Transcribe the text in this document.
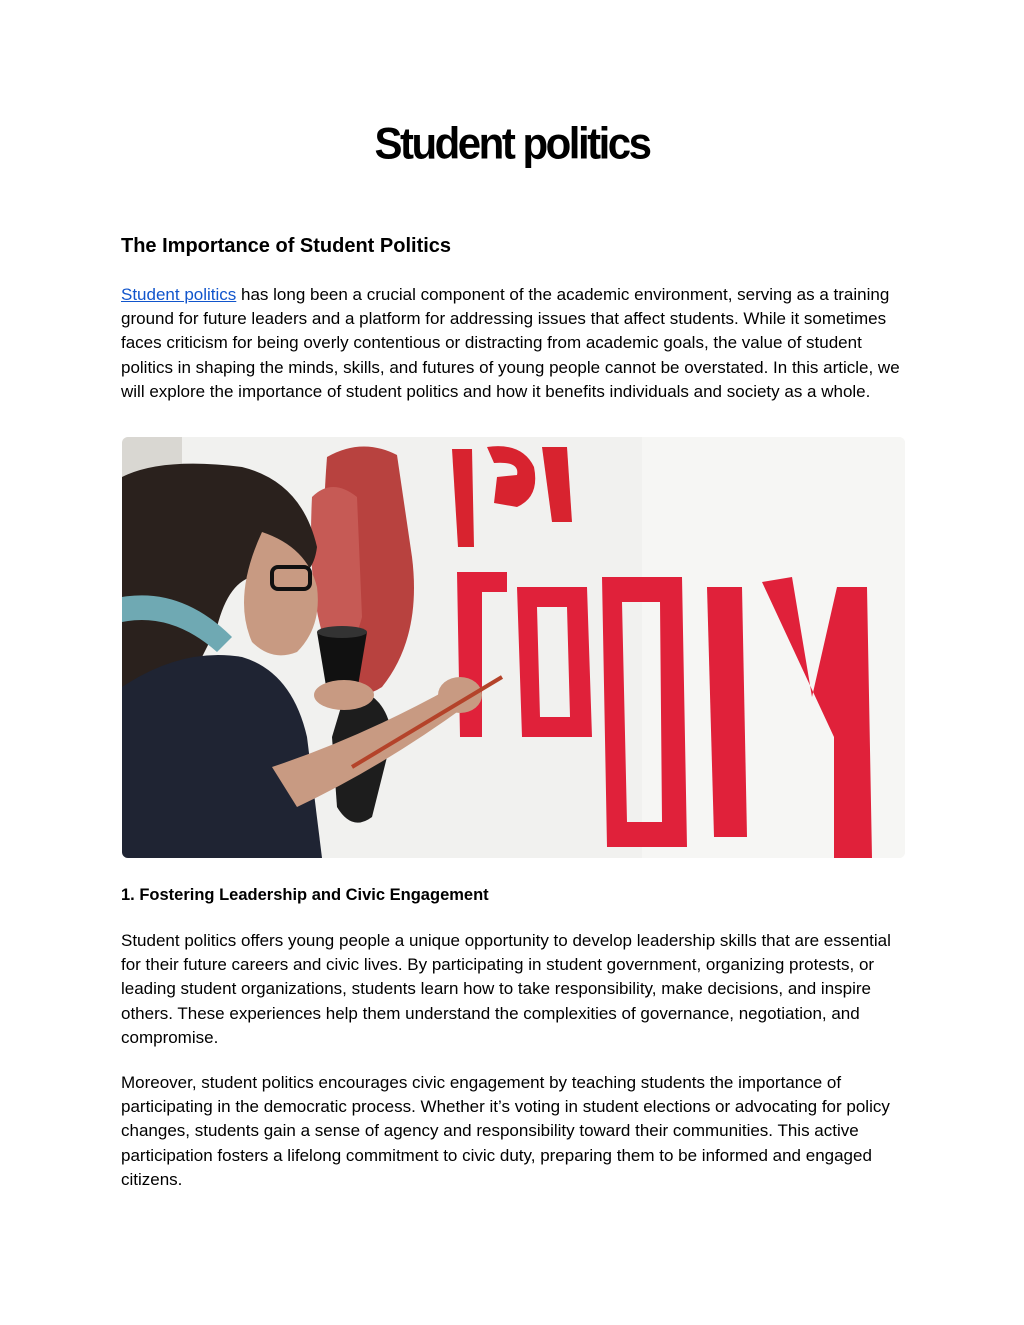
Student politics
The Importance of Student Politics
Student politics has long been a crucial component of the academic environment, serving as a training ground for future leaders and a platform for addressing issues that affect students. While it sometimes faces criticism for being overly contentious or distracting from academic goals, the value of student politics in shaping the minds, skills, and futures of young people cannot be overstated. In this article, we will explore the importance of student politics and how it benefits individuals and society as a whole.
1. Fostering Leadership and Civic Engagement
Student politics offers young people a unique opportunity to develop leadership skills that are essential for their future careers and civic lives. By participating in student government, organizing protests, or leading student organizations, students learn how to take responsibility, make decisions, and inspire others. These experiences help them understand the complexities of governance, negotiation, and compromise.
Moreover, student politics encourages civic engagement by teaching students the importance of participating in the democratic process. Whether it’s voting in student elections or advocating for policy changes, students gain a sense of agency and responsibility toward their communities. This active participation fosters a lifelong commitment to civic duty, preparing them to be informed and engaged citizens.
